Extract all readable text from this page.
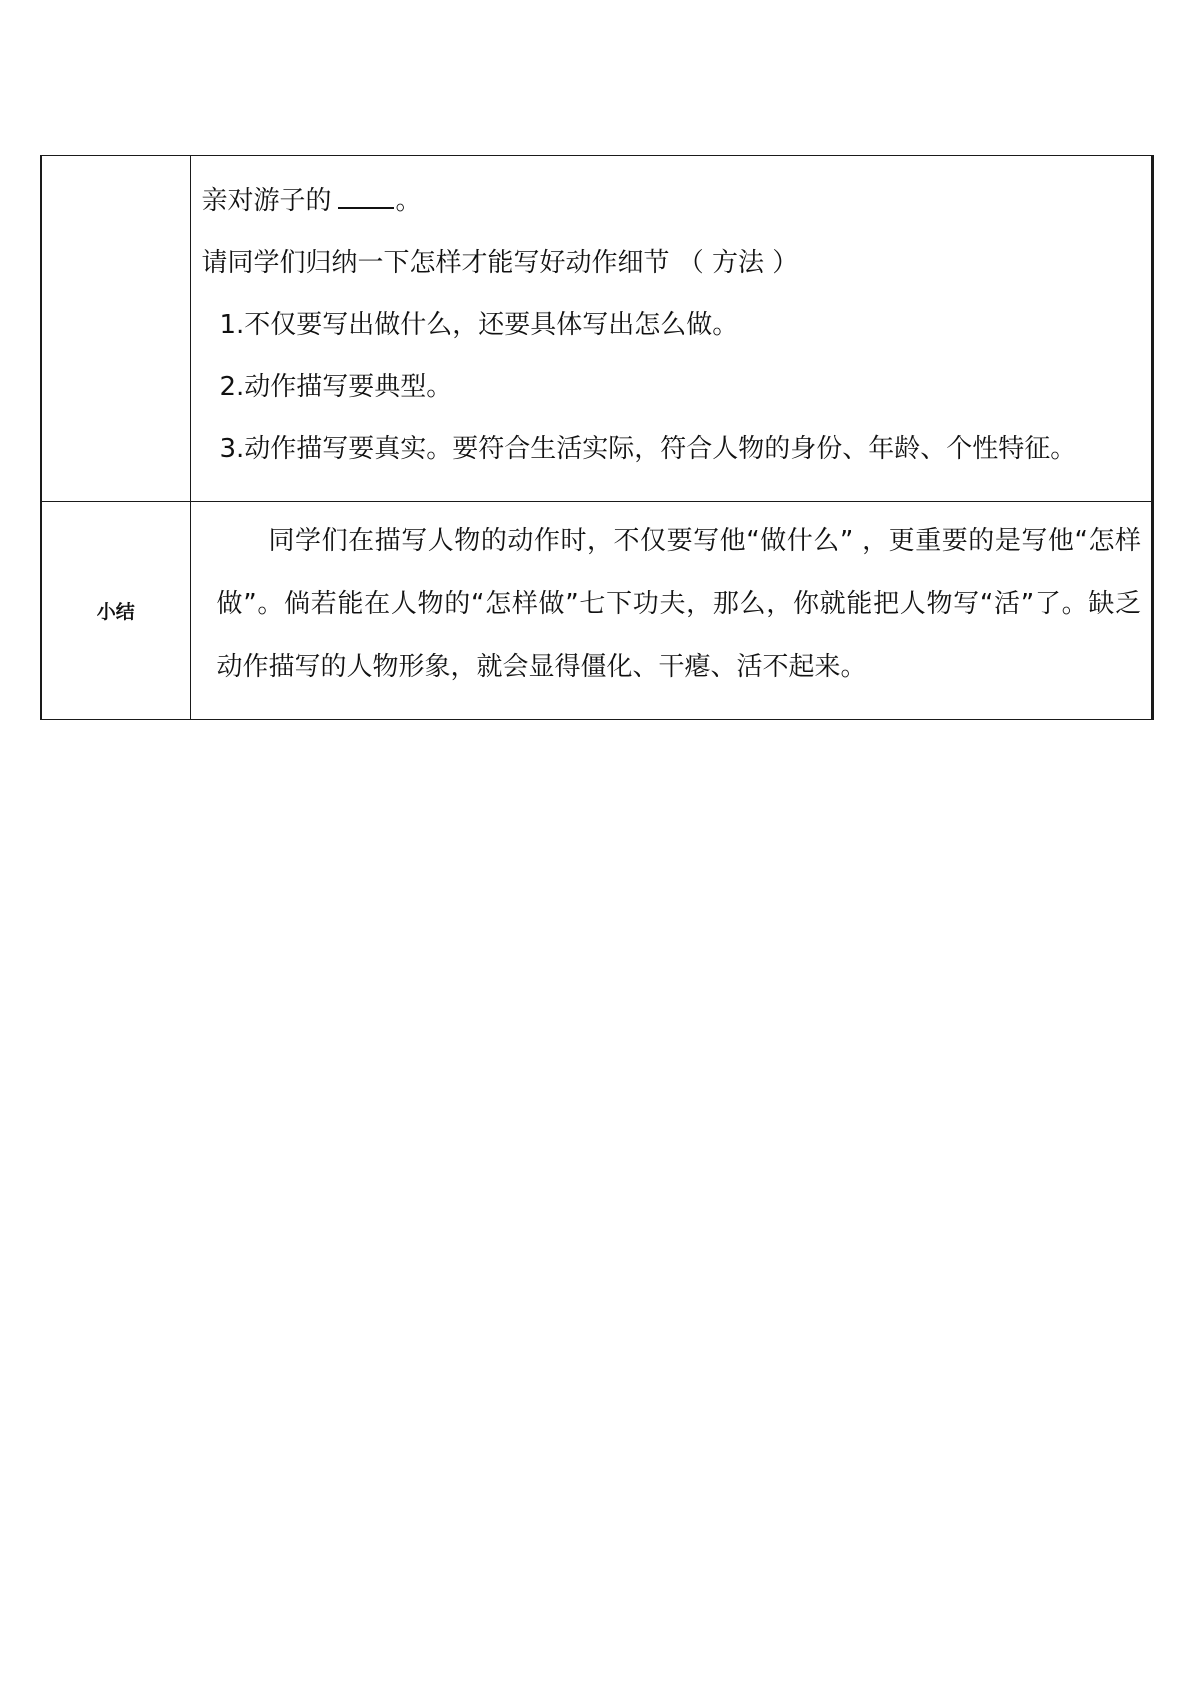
	亲对游子的 。

请同学们归纳一下怎样才能写好动作细节 （ 方法 ）

1.不仅要写出做什么，还要具体写出怎么做。

2.动作描写要典型。

3.动作描写要真实。要符合生活实际，符合人物的身份、年龄、个性特征。

小结	同学们在描写人物的动作时，不仅要写他“做什么” ，更重要的是写他“怎样做”。倘若能在人物的“怎样做”七下功夫，那么，你就能把人物写“活”了。缺乏动作描写的人物形象，就会显得僵化、干瘪、活不起来。
